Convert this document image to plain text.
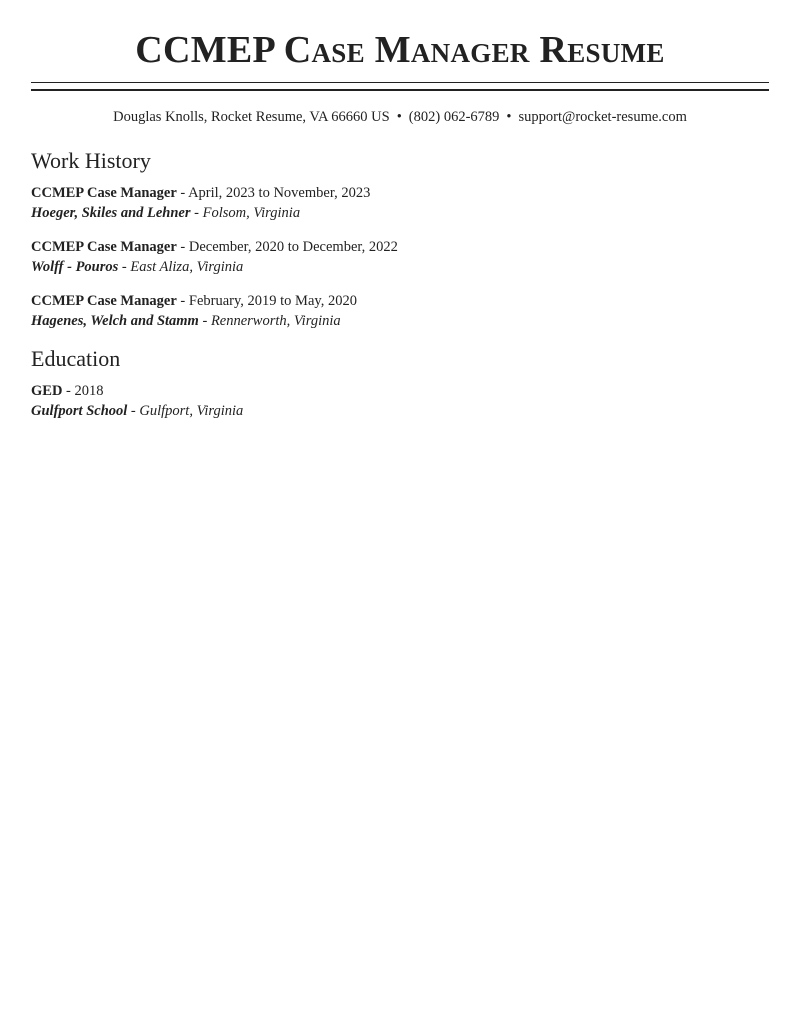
CCMEP Case Manager Resume
Douglas Knolls, Rocket Resume, VA 66660 US • (802) 062-6789 • support@rocket-resume.com
Work History
CCMEP Case Manager - April, 2023 to November, 2023
Hoeger, Skiles and Lehner - Folsom, Virginia
CCMEP Case Manager - December, 2020 to December, 2022
Wolff - Pouros - East Aliza, Virginia
CCMEP Case Manager - February, 2019 to May, 2020
Hagenes, Welch and Stamm - Rennerworth, Virginia
Education
GED - 2018
Gulfport School - Gulfport, Virginia
